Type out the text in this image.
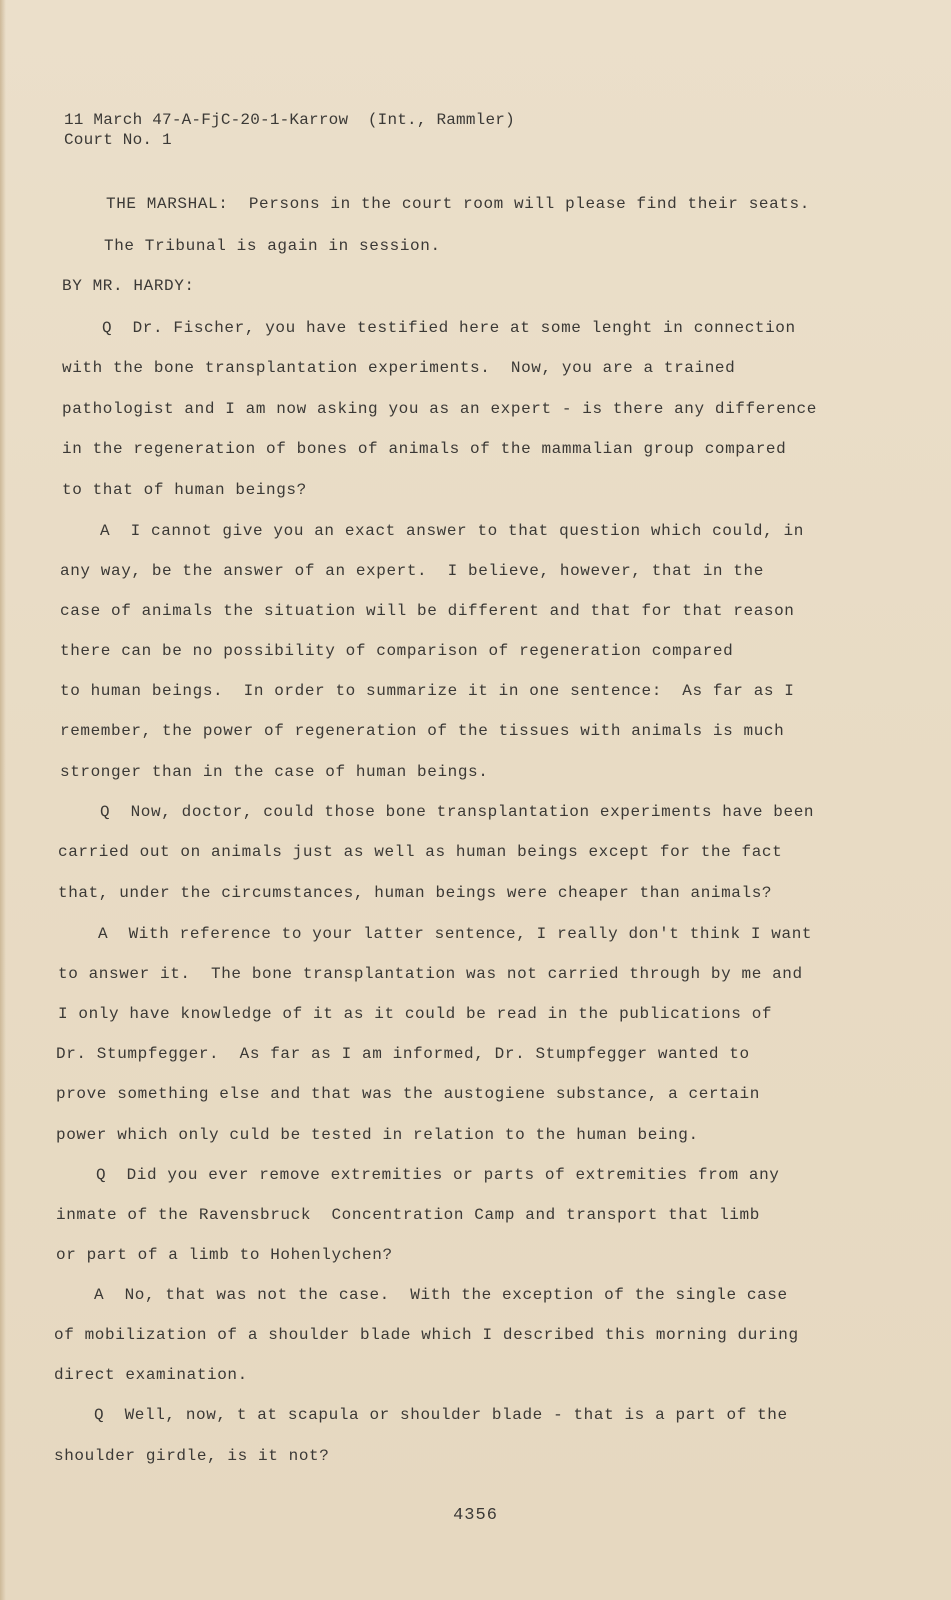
11 March 47-A-FjC-20-1-Karrow  (Int., Rammler)
Court No. 1
THE MARSHAL:  Persons in the court room will please find their seats.
The Tribunal is again in session.
BY MR. HARDY:
Q  Dr. Fischer, you have testified here at some lenght in connection
with the bone transplantation experiments.  Now, you are a trained
pathologist and I am now asking you as an expert - is there any difference
in the regeneration of bones of animals of the mammalian group compared
to that of human beings?
A  I cannot give you an exact answer to that question which could, in
any way, be the answer of an expert.  I believe, however, that in the
case of animals the situation will be different and that for that reason
there can be no possibility of comparison of regeneration compared
to human beings.  In order to summarize it in one sentence:  As far as I
remember, the power of regeneration of the tissues with animals is much
stronger than in the case of human beings.
Q  Now, doctor, could those bone transplantation experiments have been
carried out on animals just as well as human beings except for the fact
that, under the circumstances, human beings were cheaper than animals?
A  With reference to your latter sentence, I really don't think I want
to answer it.  The bone transplantation was not carried through by me and
I only have knowledge of it as it could be read in the publications of
Dr. Stumpfegger.  As far as I am informed, Dr. Stumpfegger wanted to
prove something else and that was the austogiene substance, a certain
power which only culd be tested in relation to the human being.
Q  Did you ever remove extremities or parts of extremities from any
inmate of the Ravensbruck  Concentration Camp and transport that limb
or part of a limb to Hohenlychen?
A  No, that was not the case.  With the exception of the single case
of mobilization of a shoulder blade which I described this morning during
direct examination.
Q  Well, now, t at scapula or shoulder blade - that is a part of the
shoulder girdle, is it not?
4356
